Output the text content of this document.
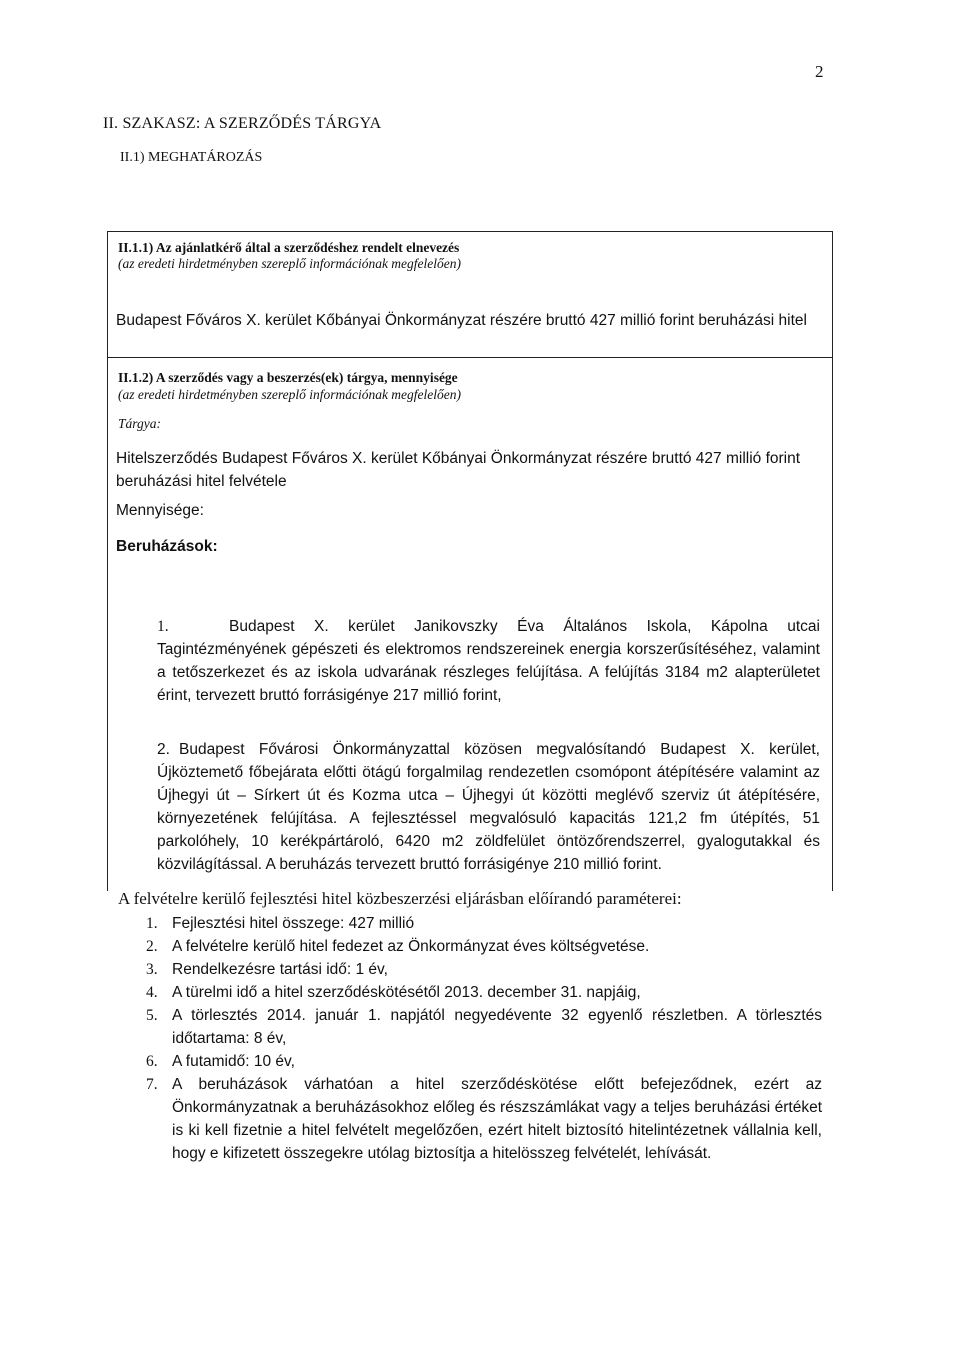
2
II. SZAKASZ: A SZERZŐDÉS TÁRGYA
II.1) MEGHATÁROZÁS
II.1.1) Az ajánlatkérő által a szerződéshez rendelt elnevezés
(az eredeti hirdetményben szereplő információnak megfelelően)
Budapest Főváros X. kerület Kőbányai Önkormányzat részére bruttó 427 millió forint beruházási hitel
II.1.2) A szerződés vagy a beszerzés(ek) tárgya, mennyisége
(az eredeti hirdetményben szereplő információnak megfelelően)
Tárgya:
Hitelszerződés Budapest Főváros X. kerület Kőbányai Önkormányzat részére bruttó 427 millió forint beruházási hitel felvétele
Mennyisége:
Beruházások:
1.	Budapest X. kerület Janikovszky Éva Általános Iskola, Kápolna utcai Tagintézményének gépészeti és elektromos rendszereinek energia korszerűsítéséhez, valamint a tetőszerkezet és az iskola udvarának részleges felújítása. A felújítás 3184 m2 alapterületet érint, tervezett bruttó forrásigénye 217 millió forint,
2. Budapest Fővárosi Önkormányzattal közösen megvalósítandó Budapest X. kerület, Újköztemető főbejárata előtti ötágú forgalmilag rendezetlen csomópont átépítésére valamint az Újhegyi út – Sírkert út és Kozma utca – Újhegyi út közötti meglévő szerviz út átépítésére, környezetének felújítása. A fejlesztéssel megvalósuló kapacitás 121,2 fm útépítés, 51 parkolóhely, 10 kerékpártároló, 6420 m2 zöldfelület öntözőrendszerrel, gyalogutakkal és közvilágítással. A beruházás tervezett bruttó forrásigénye 210 millió forint.
A felvételre kerülő fejlesztési hitel közbeszerzési eljárásban előírandó paraméterei:
1. Fejlesztési hitel összege: 427 millió
2. A felvételre kerülő hitel fedezet az Önkormányzat éves költségvetése.
3. Rendelkezésre tartási idő: 1 év,
4. A türelmi idő a hitel szerződéskötésétől 2013. december 31. napjáig,
5. A törlesztés 2014. január 1. napjától negyedévente 32 egyenlő részletben. A törlesztés időtartama: 8 év,
6. A futamidő: 10 év,
7. A beruházások várhatóan a hitel szerződéskötése előtt befejeződnek, ezért az Önkormányzatnak a beruházásokhoz előleg és részszámlákat vagy a teljes beruházási értéket is ki kell fizetnie a hitel felvételt megelőzően, ezért hitelt biztosító hitelintézetnek vállalnia kell, hogy e kifizetett összegekre utólag biztosítja a hitelösszeg felvételét, lehívását.
